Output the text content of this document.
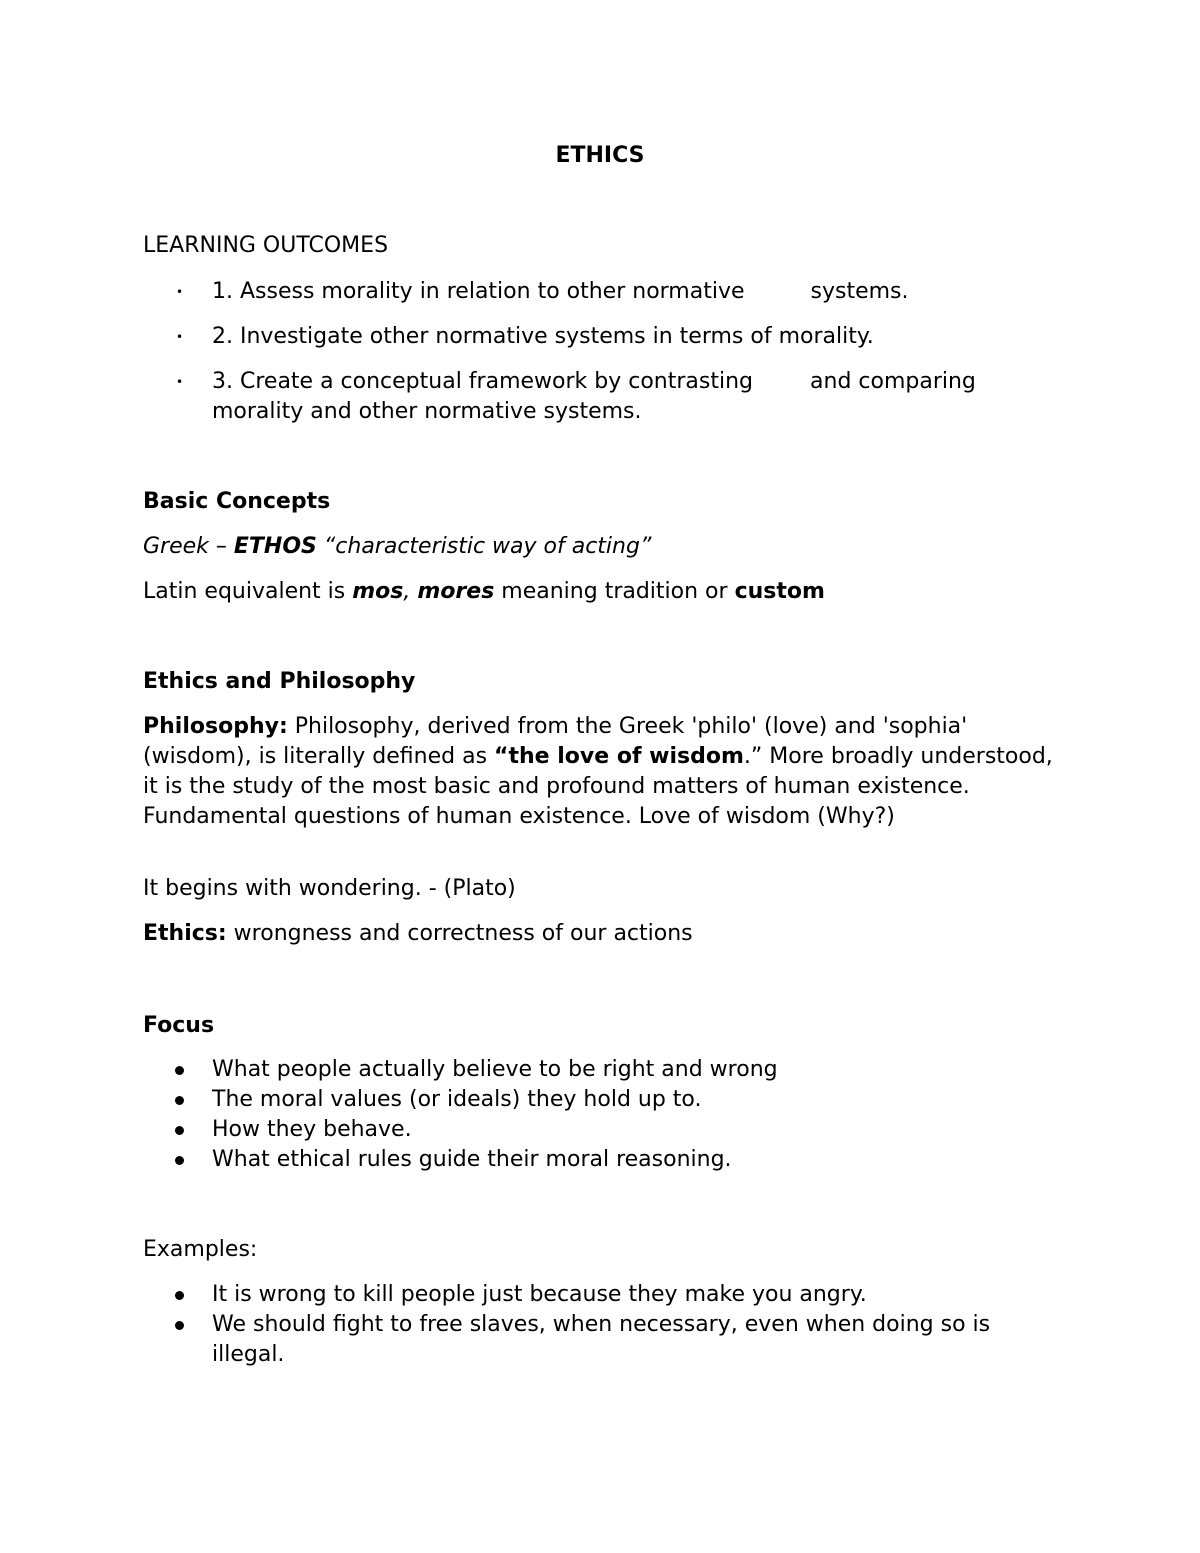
ETHICS

LEARNING OUTCOMES

• 1. Assess morality in relation to other normative	systems.

• 2. Investigate other normative systems in terms of morality.

• 3. Create a conceptual framework by contrasting	and comparing
morality and other normative systems.

Basic Concepts

Greek – ETHOS “characteristic way of acting”

Latin equivalent is mos, mores meaning tradition or custom

Ethics and Philosophy

Philosophy: Philosophy, derived from the Greek 'philo' (love) and 'sophia' (wisdom), is literally defined as “the love of wisdom.” More broadly understood, it is the study of the most basic and profound matters of human existence. Fundamental questions of human existence. Love of wisdom (Why?)

It begins with wondering. - (Plato)

Ethics: wrongness and correctness of our actions

Focus

What people actually believe to be right and wrong

The moral values (or ideals) they hold up to.

How they behave.

What ethical rules guide their moral reasoning.

Examples:

It is wrong to kill people just because they make you angry.

We should fight to free slaves, when necessary, even when doing so is illegal.
